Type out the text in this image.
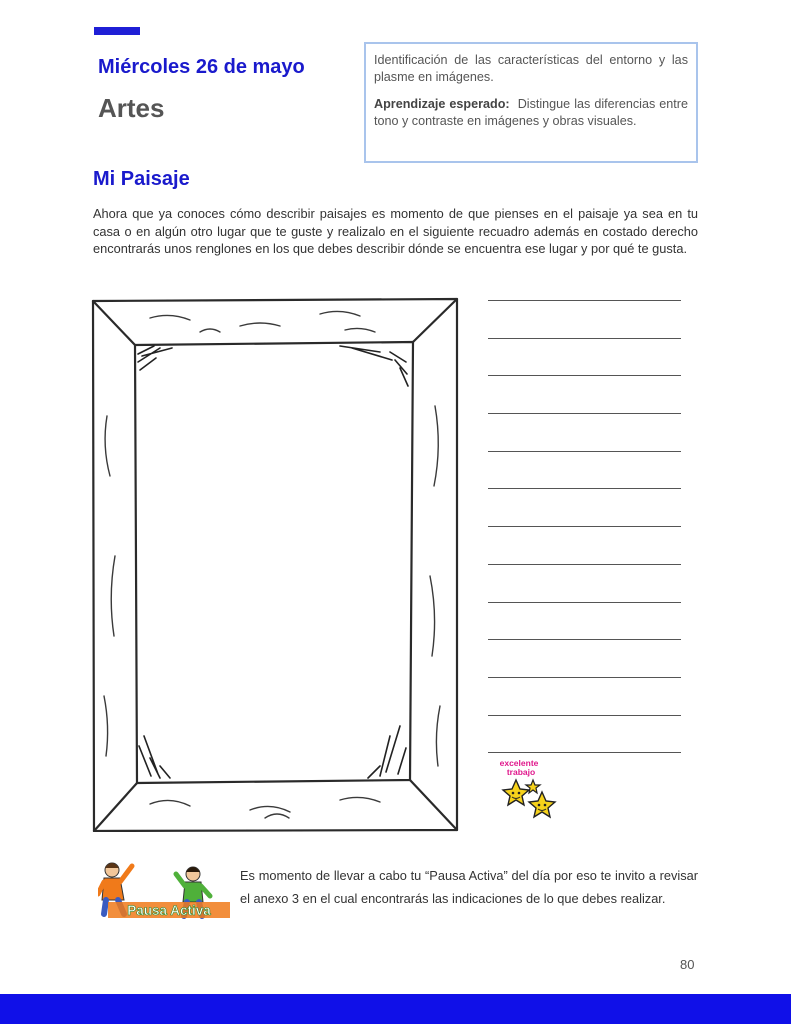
Miércoles 26 de mayo
Artes

Identificación de las características del entorno y las plasme en imágenes.

Aprendizaje esperado: Distingue las diferencias entre tono y contraste en imágenes y obras visuales.

Mi Paisaje

Ahora que ya conoces cómo describir paisajes es momento de que pienses en el paisaje ya sea en tu casa o en algún otro lugar que te guste y realizalo en el siguiente recuadro además en costado derecho encontrarás unos renglones en los que debes describir dónde se encuentra ese lugar y por qué te gusta.

excelente
trabajo
Pausa Activa

Es momento de llevar a cabo tu “Pausa Activa” del día por eso te invito a revisar el anexo 3 en el cual encontrarás las indicaciones de lo que debes realizar.

80
